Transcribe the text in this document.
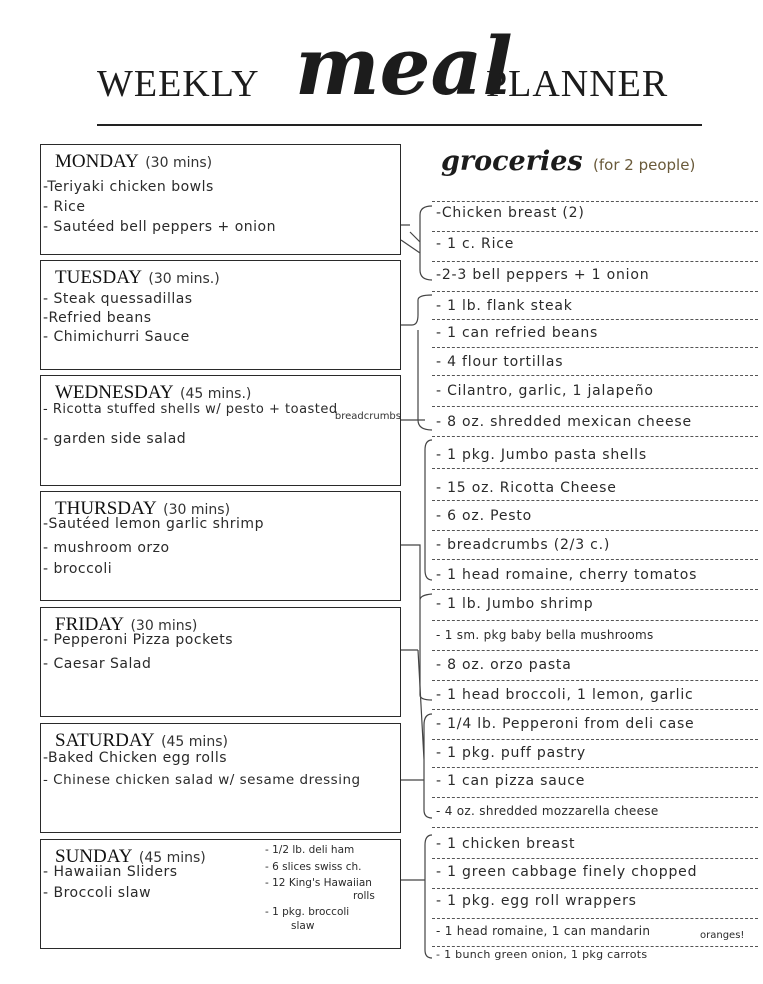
WEEKLY meal
PLANNER
MONDAY (30 mins)
-Teriyaki chicken bowls
- Rice
- Sautéed bell peppers + onion
TUESDAY (30 mins.)
- Steak quessadillas
-Refried beans
- Chimichurri Sauce
WEDNESDAY (45 mins.)
- Ricotta stuffed shells w/ pesto + toasted
breadcrumbs
- garden side salad
THURSDAY (30 mins)
-Sautéed lemon garlic shrimp
- mushroom orzo
- broccoli
FRIDAY (30 mins)
- Pepperoni Pizza pockets
- Caesar Salad
SATURDAY (45 mins)
-Baked Chicken egg rolls
- Chinese chicken salad w/ sesame dressing
SUNDAY (45 mins)
- Hawaiian Sliders
- Broccoli slaw
- 1/2 lb. deli ham
- 6 slices swiss ch.
- 12 King's Hawaiian
rolls
- 1 pkg. broccoli
slaw
groceries (for 2 people)
-Chicken breast (2)
- 1 c. Rice
-2-3 bell peppers + 1 onion
- 1 lb. flank steak
- 1 can refried beans
- 4 flour tortillas
- Cilantro, garlic, 1 jalapeño
- 8 oz. shredded mexican cheese
- 1 pkg. Jumbo pasta shells
- 15 oz. Ricotta Cheese
- 6 oz. Pesto
- breadcrumbs (2/3 c.)
- 1 head romaine, cherry tomatos
- 1 lb. Jumbo shrimp
- 1 sm. pkg baby bella mushrooms
- 8 oz. orzo pasta
- 1 head broccoli, 1 lemon, garlic
- 1/4 lb. Pepperoni from deli case
- 1 pkg. puff pastry
- 1 can pizza sauce
- 4 oz. shredded mozzarella cheese
- 1 chicken breast
- 1 green cabbage finely chopped
- 1 pkg. egg roll wrappers
- 1 head romaine, 1 can mandarin
- 1 bunch green onion, 1 pkg carrots
oranges!
